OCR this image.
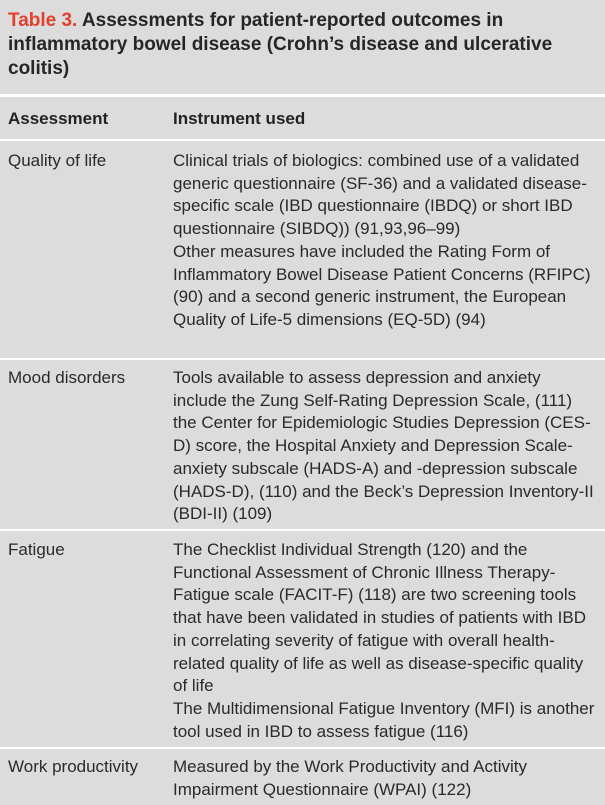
Table 3. Assessments for patient-reported outcomes in inflammatory bowel disease (Crohn’s disease and ulcerative colitis)
Assessment	Instrument used
Quality of life	Clinical trials of biologics: combined use of a validated generic questionnaire (SF-36) and a validated disease-specific scale (IBD questionnaire (IBDQ) or short IBD questionnaire (SIBDQ)) (91,93,96–99)

Other measures have included the Rating Form of Inflammatory Bowel Disease Patient Concerns (RFIPC) (90) and a second generic instrument, the European Quality of Life-5 dimensions (EQ-5D) (94)

Mood disorders	Tools available to assess depression and anxiety include the Zung Self-Rating Depression Scale, (111) the Center for Epidemiologic Studies Depression (CES-D) score, the Hospital Anxiety and Depression Scale-anxiety subscale (HADS-A) and -depression subscale (HADS-D), (110) and the Beck’s Depression Inventory-II (BDI-II) (109)

Fatigue	The Checklist Individual Strength (120) and the Functional Assessment of Chronic Illness Therapy-Fatigue scale (FACIT-F) (118) are two screening tools that have been validated in studies of patients with IBD in correlating severity of fatigue with overall health-related quality of life as well as disease-specific quality of life

The Multidimensional Fatigue Inventory (MFI) is another tool used in IBD to assess fatigue (116)

Work productivity	Measured by the Work Productivity and Activity Impairment Questionnaire (WPAI) (122)
